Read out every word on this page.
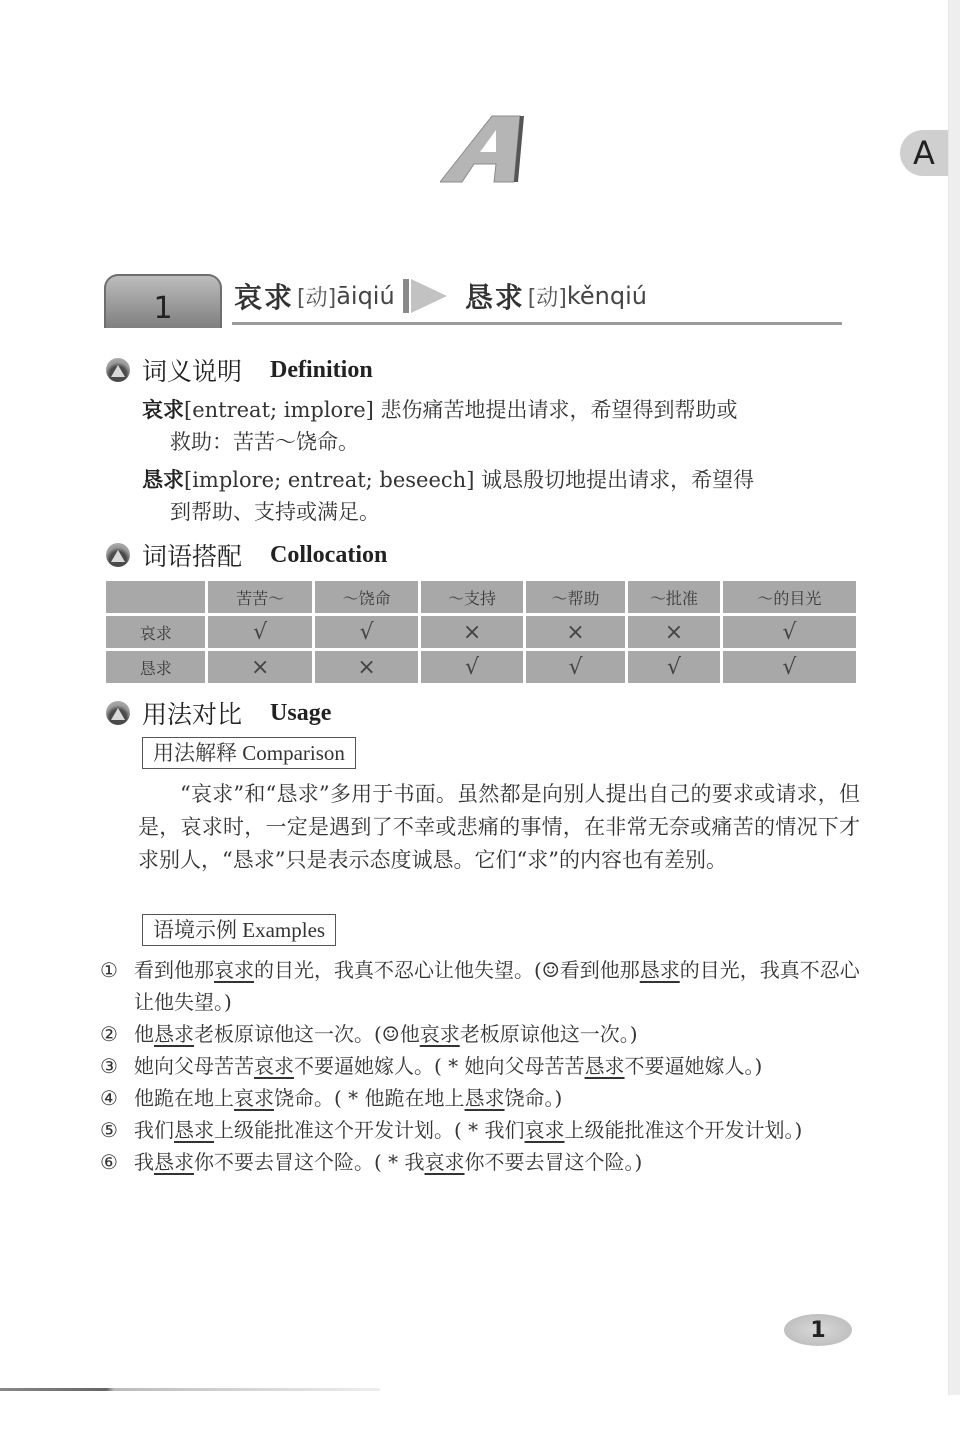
A
1 哀求 [动] āiqiú	恳求 [动] kěnqiú
词义说明 Definition
哀求[entreat; implore] 悲伤痛苦地提出请求，希望得到帮助或
救助：苦苦～饶命。
恳求[implore; entreat; beseech] 诚恳殷切地提出请求，希望得
到帮助、支持或满足。
词语搭配 Collocation
	苦苦～	～饶命	～支持	～帮助	～批准	～的目光
哀求	√	√	×	×	×	√
恳求	×	×	√	√	√	√
用法对比 Usage
用法解释 Comparison

“哀求”和“恳求”多用于书面。虽然都是向别人提出自己的要求或请求，但是，哀求时，一定是遇到了不幸或悲痛的事情，在非常无奈或痛苦的情况下才求别人，“恳求”只是表示态度诚恳。它们“求”的内容也有差别。

语境示例 Examples
① 看到他那哀求的目光，我真不忍心让他失望。(☺看到他那恳求的目光，我真不忍心让他失望。)
② 他恳求老板原谅他这一次。(☺他哀求老板原谅他这一次。)
③ 她向父母苦苦哀求不要逼她嫁人。( * 她向父母苦苦恳求不要逼她嫁人。)
④ 他跪在地上哀求饶命。( * 他跪在地上恳求饶命。)
⑤ 我们恳求上级能批准这个开发计划。( * 我们哀求上级能批准这个开发计划。)
⑥ 我恳求你不要去冒这个险。( * 我哀求你不要去冒这个险。)
1
